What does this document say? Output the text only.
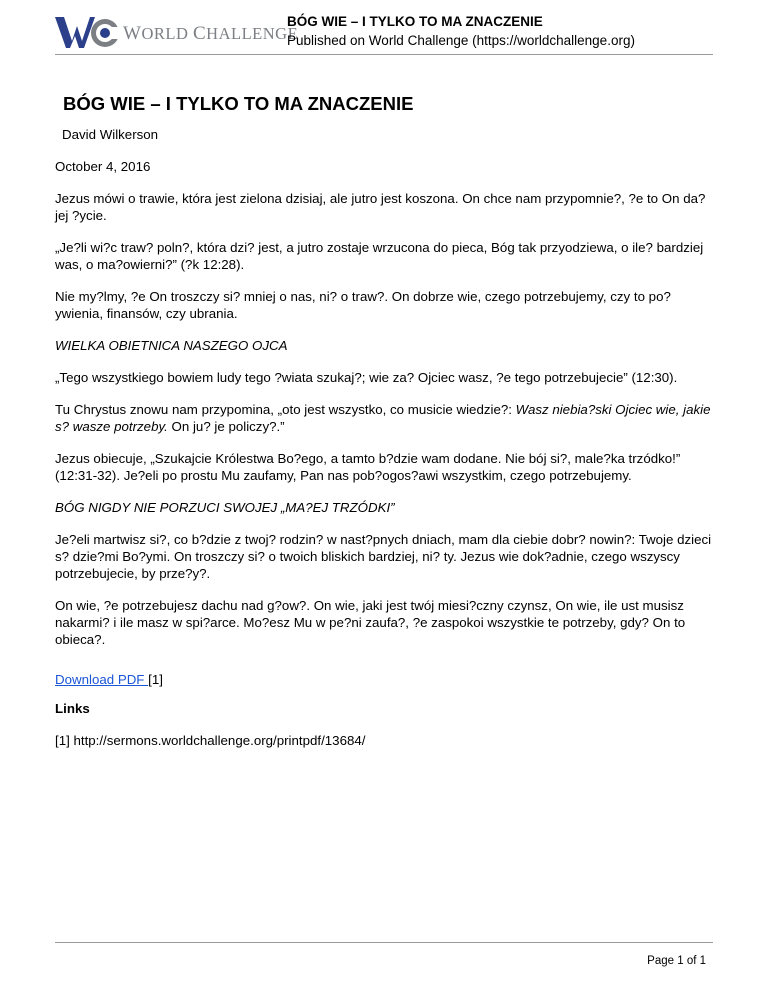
WORLD CHALLENGE
BÓG WIE – I TYLKO TO MA ZNACZENIE
Published on World Challenge (https://worldchallenge.org)
BÓG WIE – I TYLKO TO MA ZNACZENIE

David Wilkerson

October 4, 2016

Jezus mówi o trawie, która jest zielona dzisiaj, ale jutro jest koszona. On chce nam przypomnie?, ?e to On da? jej ?ycie.

„Je?li wi?c traw? poln?, która dzi? jest, a jutro zostaje wrzucona do pieca, Bóg tak przyodziewa, o ile? bardziej was, o ma?owierni?” (?k 12:28).

Nie my?lmy, ?e On troszczy si? mniej o nas, ni? o traw?. On dobrze wie, czego potrzebujemy, czy to po?ywienia, finansów, czy ubrania.

WIELKA OBIETNICA NASZEGO OJCA

„Tego wszystkiego bowiem ludy tego ?wiata szukaj?; wie za? Ojciec wasz, ?e tego potrzebujecie” (12:30).

Tu Chrystus znowu nam przypomina, „oto jest wszystko, co musicie wiedzie?: Wasz niebia?ski Ojciec wie, jakie s? wasze potrzeby. On ju? je policzy?.”

Jezus obiecuje, „Szukajcie Królestwa Bo?ego, a tamto b?dzie wam dodane. Nie bój si?, male?ka trzódko!” (12:31-32). Je?eli po prostu Mu zaufamy, Pan nas pob?ogos?awi wszystkim, czego potrzebujemy.

BÓG NIGDY NIE PORZUCI SWOJEJ „MA?EJ TRZÓDKI”

Je?eli martwisz si?, co b?dzie z twoj? rodzin? w nast?pnych dniach, mam dla ciebie dobr? nowin?: Twoje dzieci s? dzie?mi Bo?ymi. On troszczy si? o twoich bliskich bardziej, ni? ty. Jezus wie dok?adnie, czego wszyscy potrzebujecie, by prze?y?.

On wie, ?e potrzebujesz dachu nad g?ow?. On wie, jaki jest twój miesi?czny czynsz, On wie, ile ust musisz nakarmi? i ile masz w spi?arce. Mo?esz Mu w pe?ni zaufa?, ?e zaspokoi wszystkie te potrzeby, gdy? On to obieca?.

Download PDF [1]

Links

[1] http://sermons.worldchallenge.org/printpdf/13684/

Page 1 of 1
